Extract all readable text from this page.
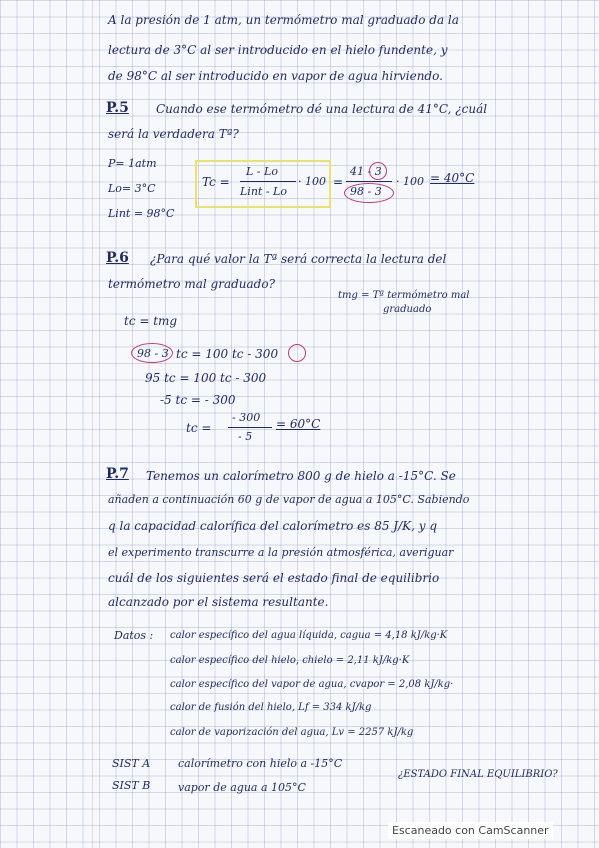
A la presión de 1 atm, un termómetro mal graduado da la
lectura de 3°C al ser introducido en el hielo fundente, y
de 98°C al ser introducido en vapor de agua hirviendo.
P.5 Cuando ese termómetro dé una lectura de 41°C, ¿cuál
será la verdadera Tª?
P= 1atm
Lo= 3°C
Lint = 98°C
Tc =
L - Lo
Lint - Lo
· 100 =
41 - 3
98 - 3
· 100 = 40°C
P.6 ¿Para qué valor la Tª será correcta la lectura del
termómetro mal graduado?
tmg = Tª termómetro mal
graduado
tc = tmg
98 - 3 tc = 100 tc - 300
95 tc = 100 tc - 300
-5 tc = - 300
tc =
- 300
- 5
= 60°C
P.7 Tenemos un calorímetro 800 g de hielo a -15°C. Se
añaden a continuación 60 g de vapor de agua a 105°C. Sabiendo
q la capacidad calorífica del calorímetro es 85 J/K, y q
el experimento transcurre a la presión atmosférica, averiguar
cuál de los siguientes será el estado final de equilibrio
alcanzado por el sistema resultante.
Datos : calor específico del agua líquida, cagua = 4,18 kJ/kg·K
calor específico del hielo, chielo = 2,11 kJ/kg·K
calor específico del vapor de agua, cvapor = 2,08 kJ/kg·
calor de fusión del hielo, Lf = 334 kJ/kg
calor de vaporización del agua, Lv = 2257 kJ/kg
SIST A	calorímetro con hielo a -15°C
SIST B	vapor de agua a 105°C
¿ESTADO FINAL EQUILIBRIO?
Escaneado con CamScanner
